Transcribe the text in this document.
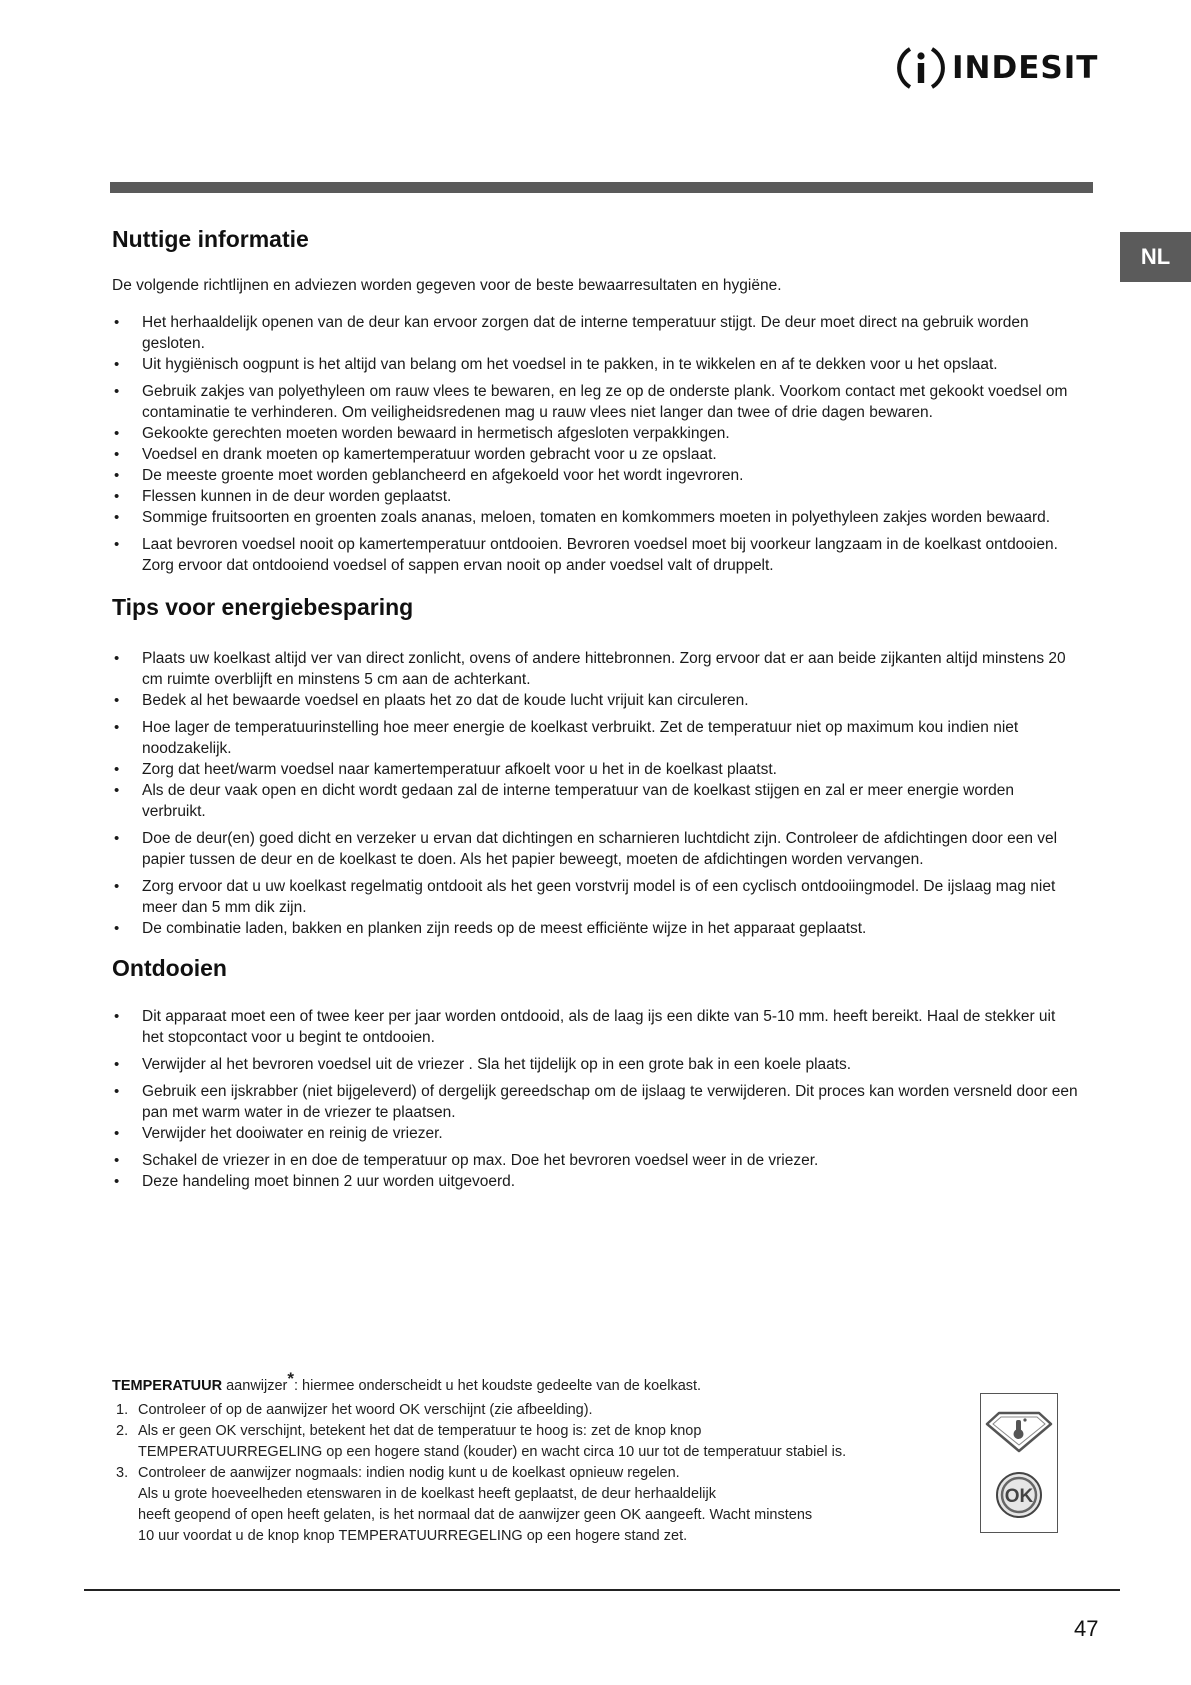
INDESIT
NL
Nuttige informatie

De volgende richtlijnen en adviezen worden gegeven voor de beste bewaarresultaten en hygiëne.

• Het herhaaldelijk openen van de deur kan ervoor zorgen dat de interne temperatuur stijgt. De deur moet direct na gebruik worden gesloten.
• Uit hygiënisch oogpunt is het altijd van belang om het voedsel in te pakken, in te wikkelen en af te dekken voor u het opslaat.
• Gebruik zakjes van polyethyleen om rauw vlees te bewaren, en leg ze op de onderste plank. Voorkom contact met gekookt voedsel om contaminatie te verhinderen. Om veiligheidsredenen mag u rauw vlees niet langer dan twee of drie dagen bewaren.
• Gekookte gerechten moeten worden bewaard in hermetisch afgesloten verpakkingen.
• Voedsel en drank moeten op kamertemperatuur worden gebracht voor u ze opslaat.
• De meeste groente moet worden geblancheerd en afgekoeld voor het wordt ingevroren.
• Flessen kunnen in de deur worden geplaatst.
• Sommige fruitsoorten en groenten zoals ananas, meloen, tomaten en komkommers moeten in polyethyleen zakjes worden bewaard.
• Laat bevroren voedsel nooit op kamertemperatuur ontdooien. Bevroren voedsel moet bij voorkeur langzaam in de koelkast ontdooien. Zorg ervoor dat ontdooiend voedsel of sappen ervan nooit op ander voedsel valt of druppelt.
Tips voor energiebesparing
• Plaats uw koelkast altijd ver van direct zonlicht, ovens of andere hittebronnen. Zorg ervoor dat er aan beide zijkanten altijd minstens 20 cm ruimte overblijft en minstens 5 cm aan de achterkant.
• Bedek al het bewaarde voedsel en plaats het zo dat de koude lucht vrijuit kan circuleren.
• Hoe lager de temperatuurinstelling hoe meer energie de koelkast verbruikt. Zet de temperatuur niet op maximum kou indien niet noodzakelijk.
• Zorg dat heet/warm voedsel naar kamertemperatuur afkoelt voor u het in de koelkast plaatst.
• Als de deur vaak open en dicht wordt gedaan zal de interne temperatuur van de koelkast stijgen en zal er meer energie worden verbruikt.
• Doe de deur(en) goed dicht en verzeker u ervan dat dichtingen en scharnieren luchtdicht zijn. Controleer de afdichtingen door een vel papier tussen de deur en de koelkast te doen. Als het papier beweegt, moeten de afdichtingen worden vervangen.
• Zorg ervoor dat u uw koelkast regelmatig ontdooit als het geen vorstvrij model is of een cyclisch ontdooiingmodel. De ijslaag mag niet meer dan 5 mm dik zijn.
• De combinatie laden, bakken en planken zijn reeds op de meest efficiënte wijze in het apparaat geplaatst.
Ontdooien
• Dit apparaat moet een of twee keer per jaar worden ontdooid, als de laag ijs een dikte van 5-10 mm. heeft bereikt. Haal de stekker uit het stopcontact voor u begint te ontdooien.
• Verwijder al het bevroren voedsel uit de vriezer . Sla het tijdelijk op in een grote bak in een koele plaats.
• Gebruik een ijskrabber (niet bijgeleverd) of dergelijk gereedschap om de ijslaag te verwijderen. Dit proces kan worden versneld door een pan met warm water in de vriezer te plaatsen.
• Verwijder het dooiwater en reinig de vriezer.
• Schakel de vriezer in en doe de temperatuur op max. Doe het bevroren voedsel weer in de vriezer.
• Deze handeling moet binnen 2 uur worden uitgevoerd.
TEMPERATUUR aanwijzer*: hiermee onderscheidt u het koudste gedeelte van de koelkast.
1. Controleer of op de aanwijzer het woord OK verschijnt (zie afbeelding).
2. Als er geen OK verschijnt, betekent het dat de temperatuur te hoog is: zet de knop knop
TEMPERATUURREGELING op een hogere stand (kouder) en wacht circa 10 uur tot de temperatuur stabiel is.
3. Controleer de aanwijzer nogmaals: indien nodig kunt u de koelkast opnieuw regelen.
Als u grote hoeveelheden etenswaren in de koelkast heeft geplaatst, de deur herhaaldelijk
heeft geopend of open heeft gelaten, is het normaal dat de aanwijzer geen OK aangeeft. Wacht minstens
10 uur voordat u de knop knop TEMPERATUURREGELING op een hogere stand zet.
OK
47
